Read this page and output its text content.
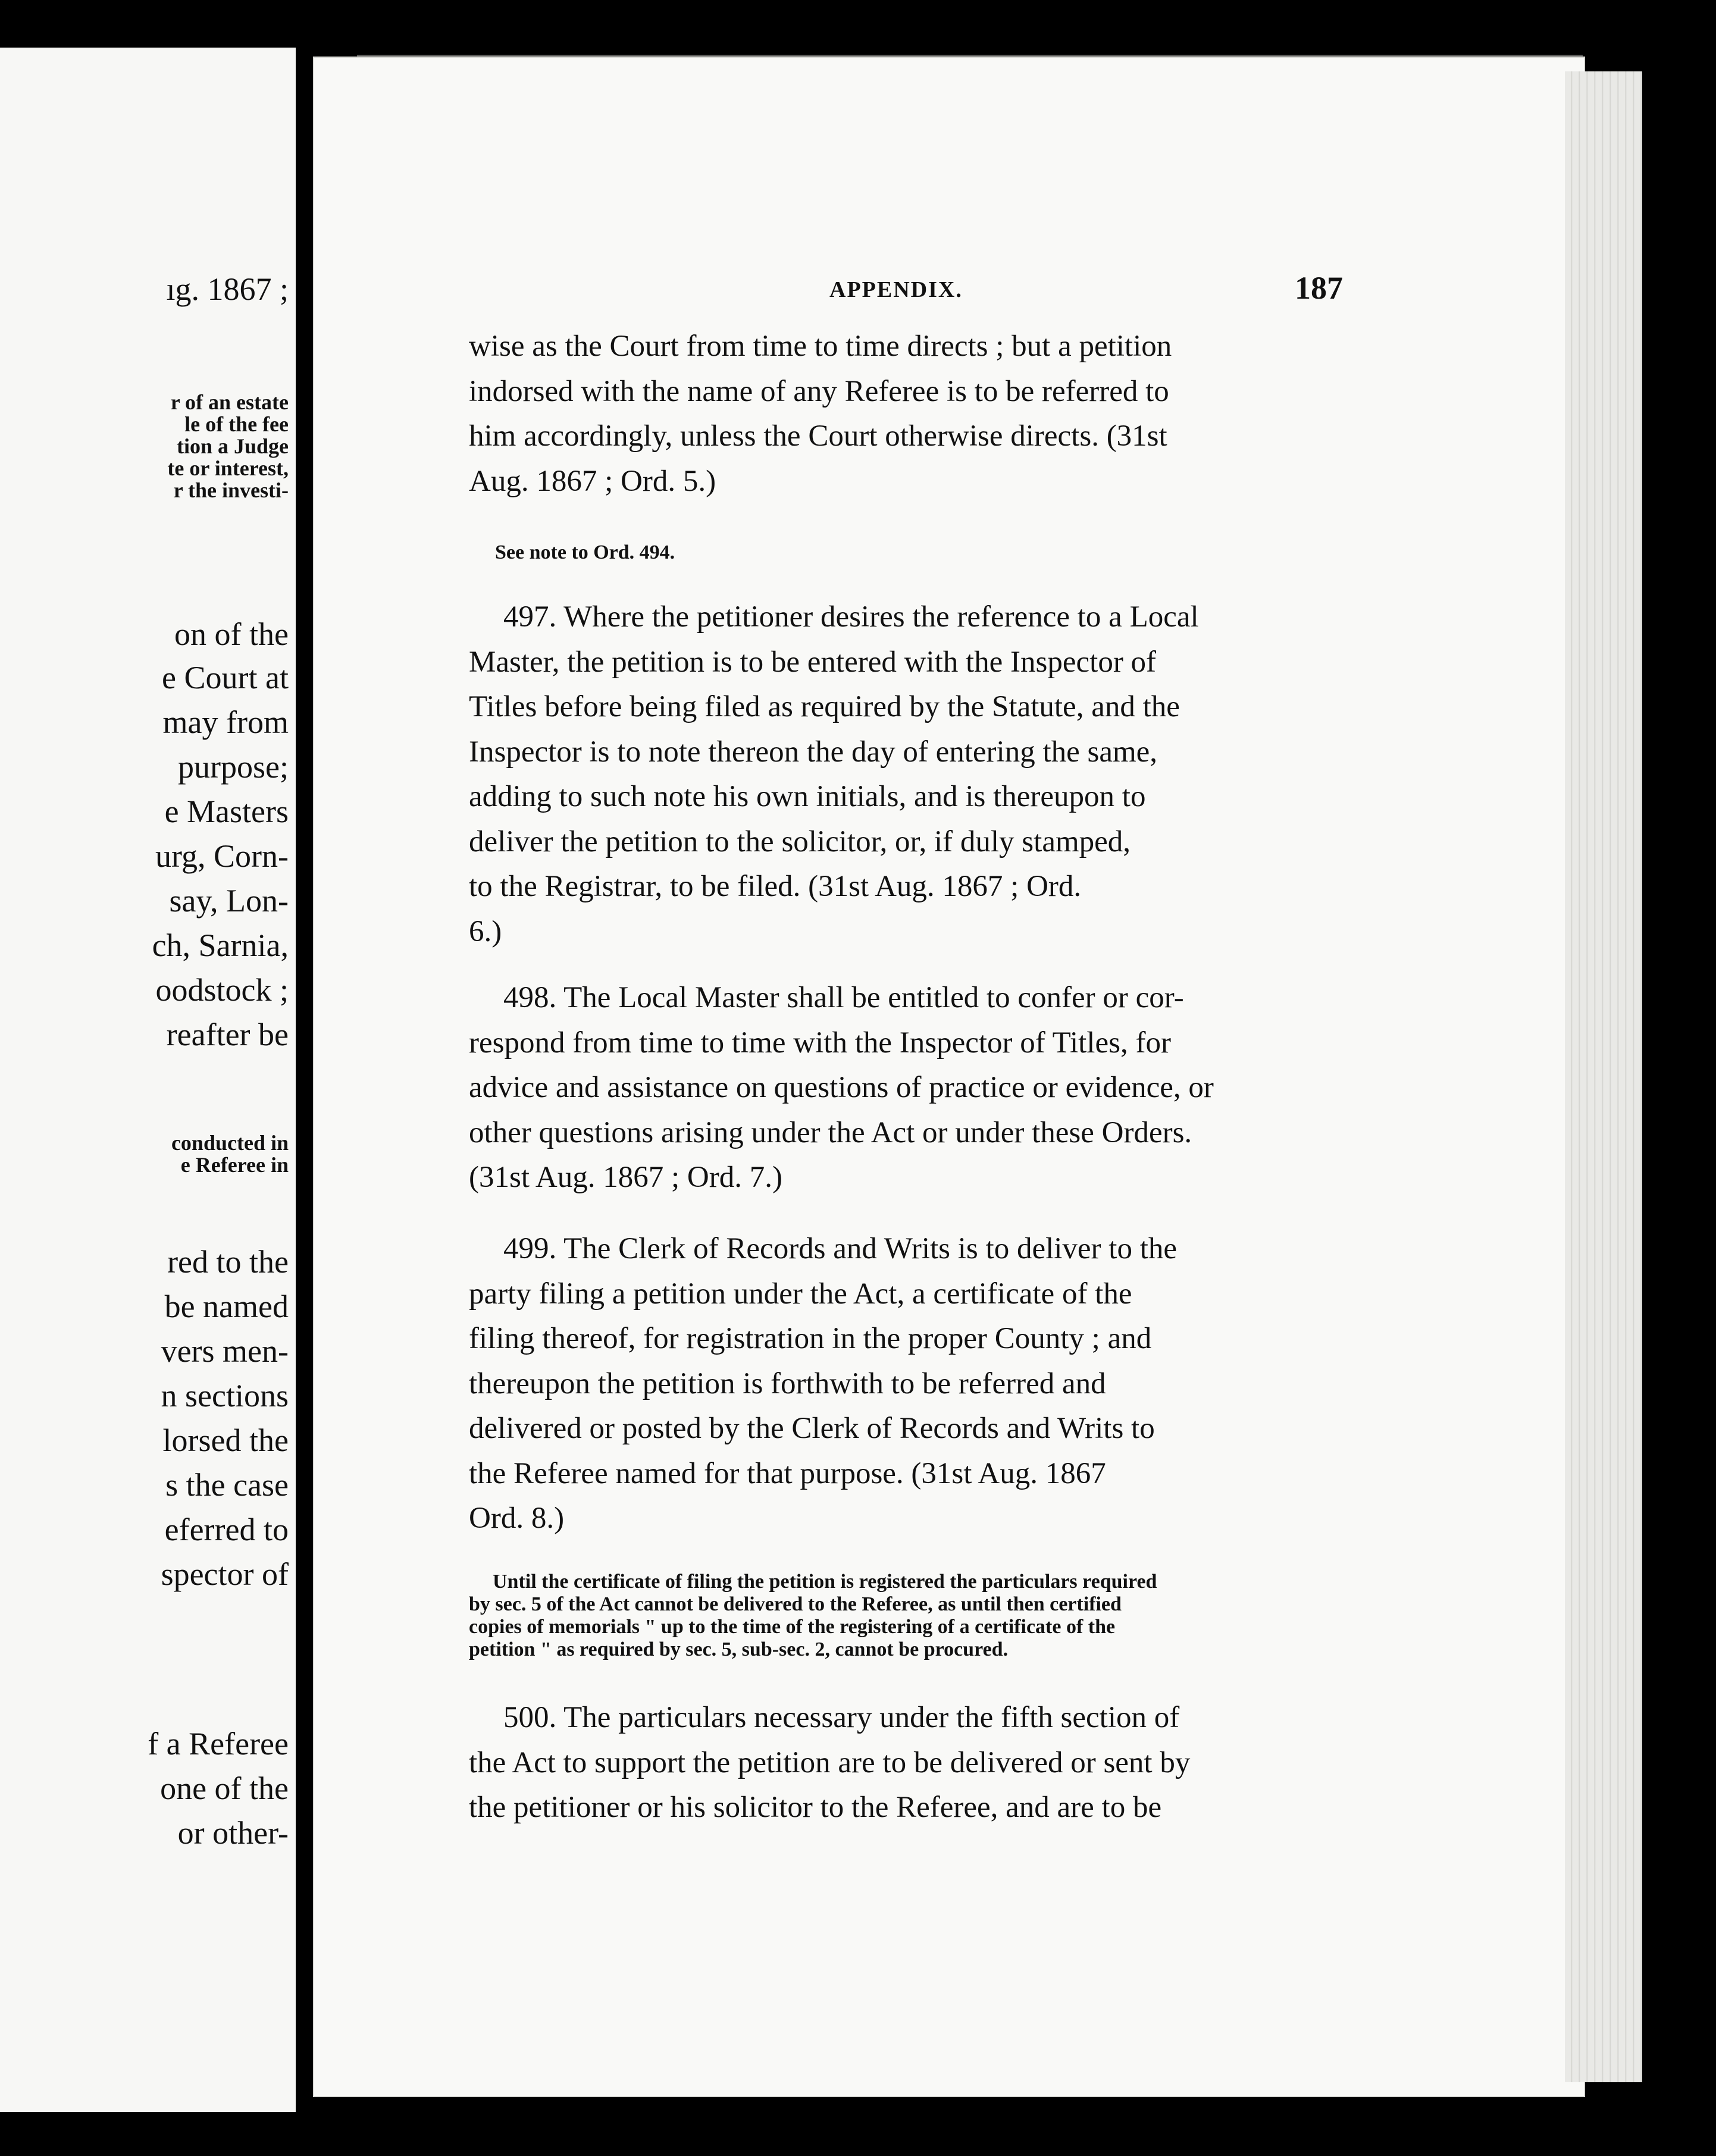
ıg. 1867 ;
r of an estate
le of the fee
tion a Judge
te or interest,
r the investi-
on of the
e Court at
may from
purpose;
e Masters
urg, Corn-
say, Lon-
ch, Sarnia,
oodstock ;
reafter be
conducted in
e Referee in
red to the
be named
vers men-
n sections
lorsed the
s the case
eferred to
spector of
f a Referee
one of the
or other-
APPENDIX.	187
wise as the Court from time to time directs ; but a petition
indorsed with the name of any Referee is to be referred to
him accordingly, unless the Court otherwise directs. (31st
Aug. 1867 ; Ord. 5.)
See note to Ord. 494.
497. Where the petitioner desires the reference to a Local
Master, the petition is to be entered with the Inspector of
Titles before being filed as required by the Statute, and the
Inspector is to note thereon the day of entering the same,
adding to such note his own initials, and is thereupon to
deliver the petition to the solicitor, or, if duly stamped,
to the Registrar, to be filed. (31st Aug. 1867 ; Ord.
6.)
498. The Local Master shall be entitled to confer or cor-
respond from time to time with the Inspector of Titles, for
advice and assistance on questions of practice or evidence, or
other questions arising under the Act or under these Orders.
(31st Aug. 1867 ; Ord. 7.)
499. The Clerk of Records and Writs is to deliver to the
party filing a petition under the Act, a certificate of the
filing thereof, for registration in the proper County ; and
thereupon the petition is forthwith to be referred and
delivered or posted by the Clerk of Records and Writs to
the Referee named for that purpose. (31st Aug. 1867
Ord. 8.)
Until the certificate of filing the petition is registered the particulars required
by sec. 5 of the Act cannot be delivered to the Referee, as until then certified
copies of memorials " up to the time of the registering of a certificate of the
petition " as required by sec. 5, sub-sec. 2, cannot be procured.
500. The particulars necessary under the fifth section of
the Act to support the petition are to be delivered or sent by
the petitioner or his solicitor to the Referee, and are to be
